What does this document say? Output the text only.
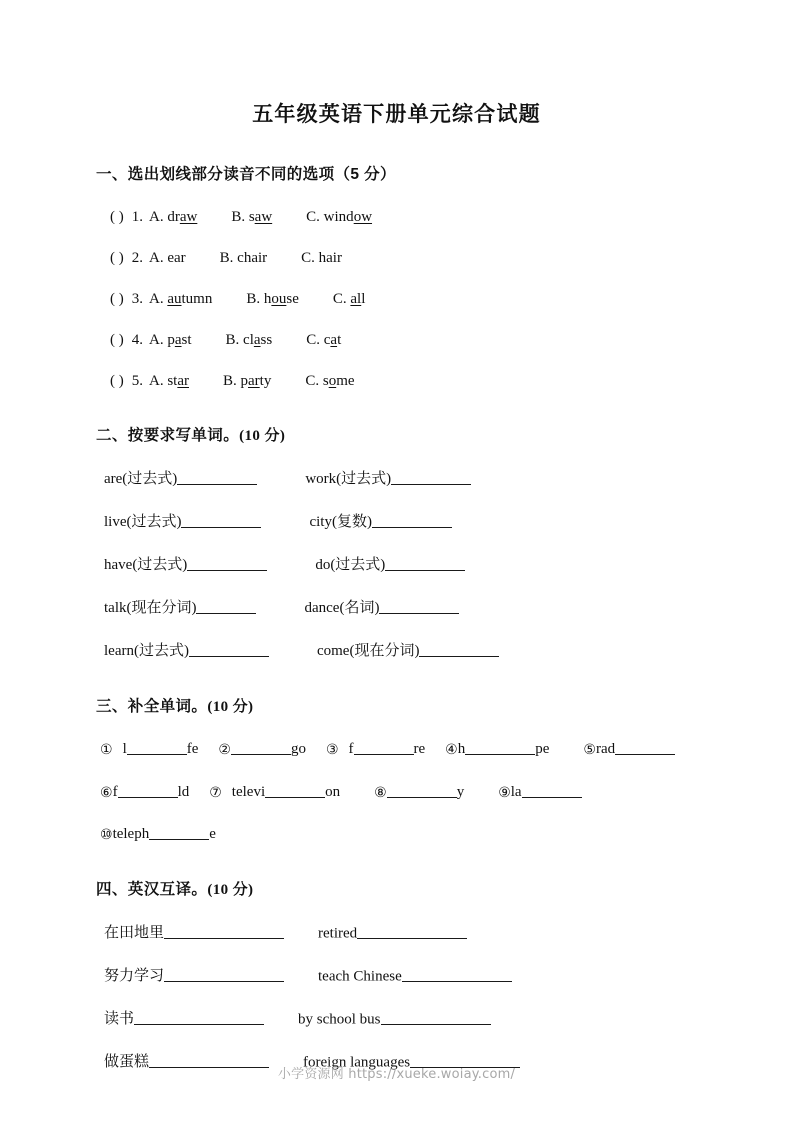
五年级英语下册单元综合试题
一、选出划线部分读音不同的选项（5 分）
( ) 1. A. draw B. saw C. window
( ) 2. A. ear B. chair C. hair
( ) 3. A. autumn B. house C. all
( ) 4. A. past B. class C. cat
( ) 5. A. star B. party C. some
二、按要求写单词。(10 分)
are(过去式)	work(过去式)
live(过去式)	city(复数)
have(过去式)	do(过去式)
talk(现在分词)	dance(名词)
learn(过去式)	come(现在分词)
三、补全单词。(10 分)
① l	fe ②	go ③ f	re ④h	pe ⑤rad
⑥f	ld ⑦ televi	on ⑧	y ⑨la
⑩teleph	e
四、英汉互译。(10 分)
在田地里	retired
努力学习	teach Chinese
读书	by school bus
做蛋糕	foreign languages
小学资源网 https://xueke.woiay.com/
